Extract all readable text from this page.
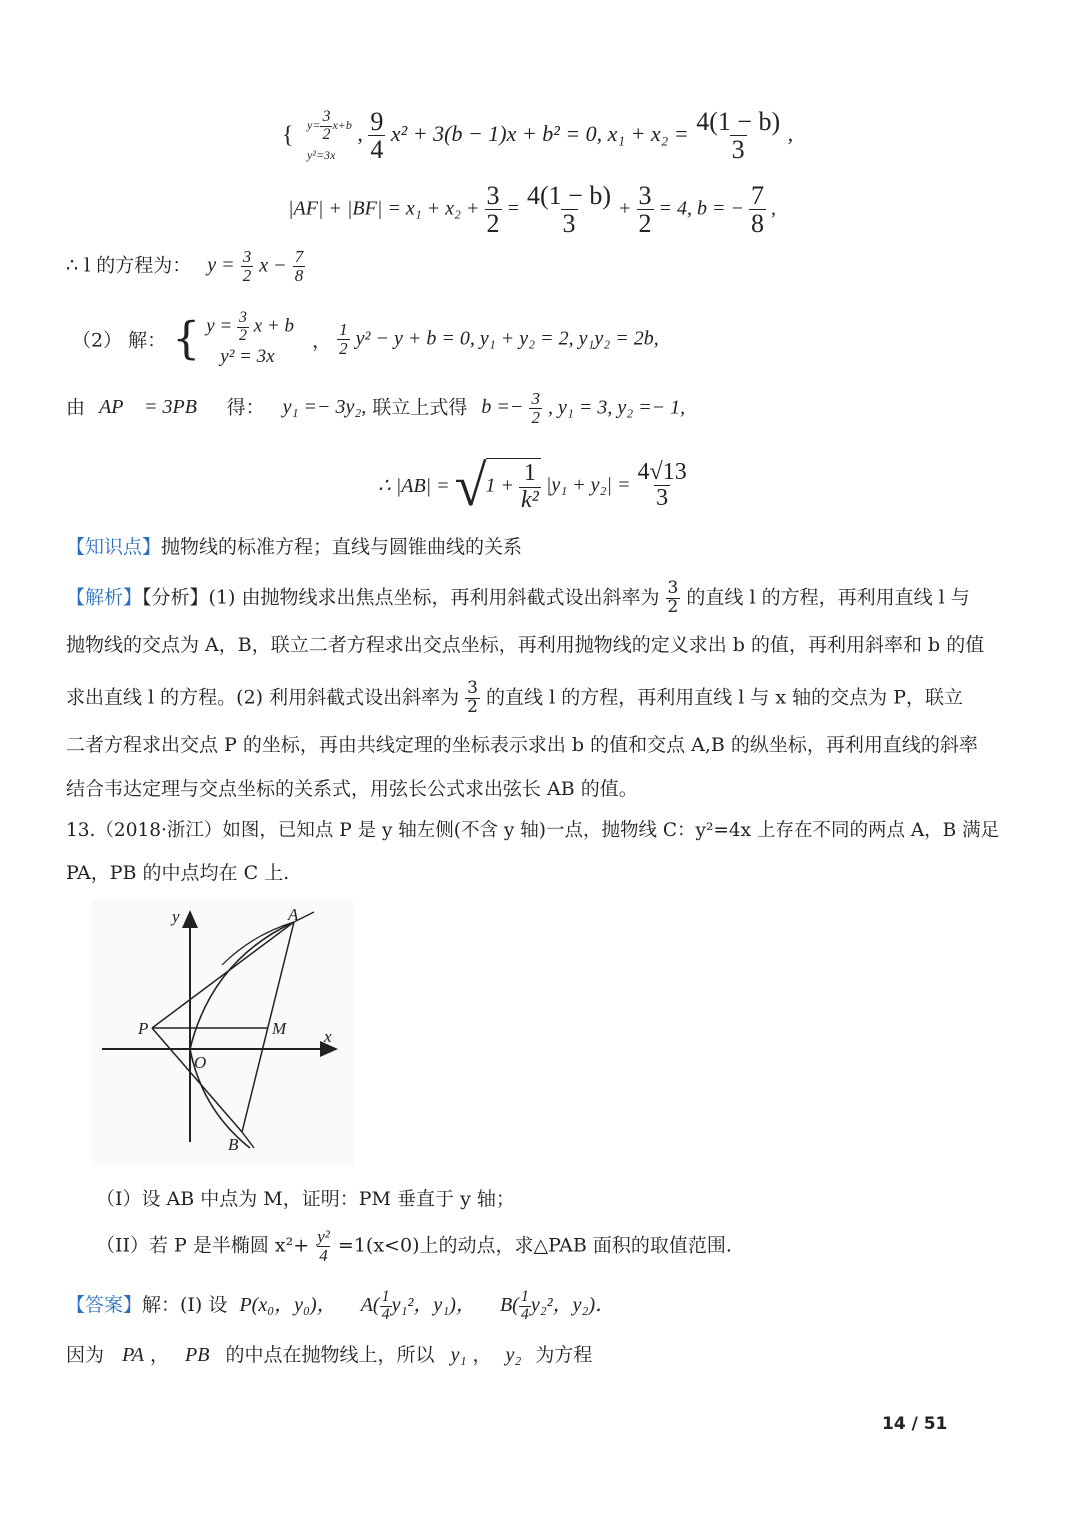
{ $y= \frac{3}{2} x+b$
y²=3x
, $\frac{9}{4} x^2 + 3(b - 1)x + b^2 = 0$, $x_1 + x_2 = \frac{4(1 - b)}{3}$ ,
$|AF| + |BF| = x_1 + x_2 + \frac{3}{2} = \frac{4(1 - b)}{3} + \frac{3}{2} = 4$, b = − $\frac{7}{8}$ ,
∴ l 的方程为： $y = \frac{3}{2}$ $x - \frac{7}{8}$
（2） 解： { $y = \frac{3}{2}$ x + b
y² = 3x
， $\frac{1}{2} y^2 - y + b = 0$, y₁ + y₂ = 2, y₁y₂ = 2b,
由 AP⃗ = 3PB⃗ 得： y₁ =− 3y₂, 联立上式得 $b =- \frac{3}{2}$ , y₁ = 3, y₂ =− 1,
∴ |AB| = √ $1 + \frac{1}{\text{k²}} |y_1 + y_2| = \frac{4√13}{3}$
【知识点】抛物线的标准方程；直线与圆锥曲线的关系
【解析】【分析】(1) 由抛物线求出焦点坐标，再利用斜截式设出斜率为 $\frac{3}{2}$ 的直线 l 的方程，再利用直线 l 与
抛物线的交点为 A，B，联立二者方程求出交点坐标，再利用抛物线的定义求出 b 的值，再利用斜率和 b 的值
求出直线 l 的方程。(2) 利用斜截式设出斜率为 $\frac{3}{2}$ 的直线 l 的方程，再利用直线 l 与 x 轴的交点为 P，联立
二者方程求出交点 P 的坐标，再由共线定理的坐标表示求出 b 的值和交点 A,B 的纵坐标，再利用直线的斜率
结合韦达定理与交点坐标的关系式，用弦长公式求出弦长 AB 的值。
13.（2018·浙江）如图，已知点 P 是 y 轴左侧(不含 y 轴)一点，抛物线 C：y²=4x 上存在不同的两点 A，B 满足
PA，PB 的中点均在 C 上.
y
x
A
B
P	M
O
（I）设 AB 中点为 M，证明：PM 垂直于 y 轴；
（II）若 P 是半椭圆 $x^2+ \frac{\text{y²}}{4} =1(x<0)$上的动点，求△PAB 面积的取值范围.
【答案】解：(I) 设 P(x₀，y₀)， $A( \frac{1}{4} y_1^2$，y₁)， $B( \frac{1}{4} y_2^2$，y₂)．
因为 PA ， PB 的中点在抛物线上，所以 y₁ ， y₂ 为方程
14 / 51
